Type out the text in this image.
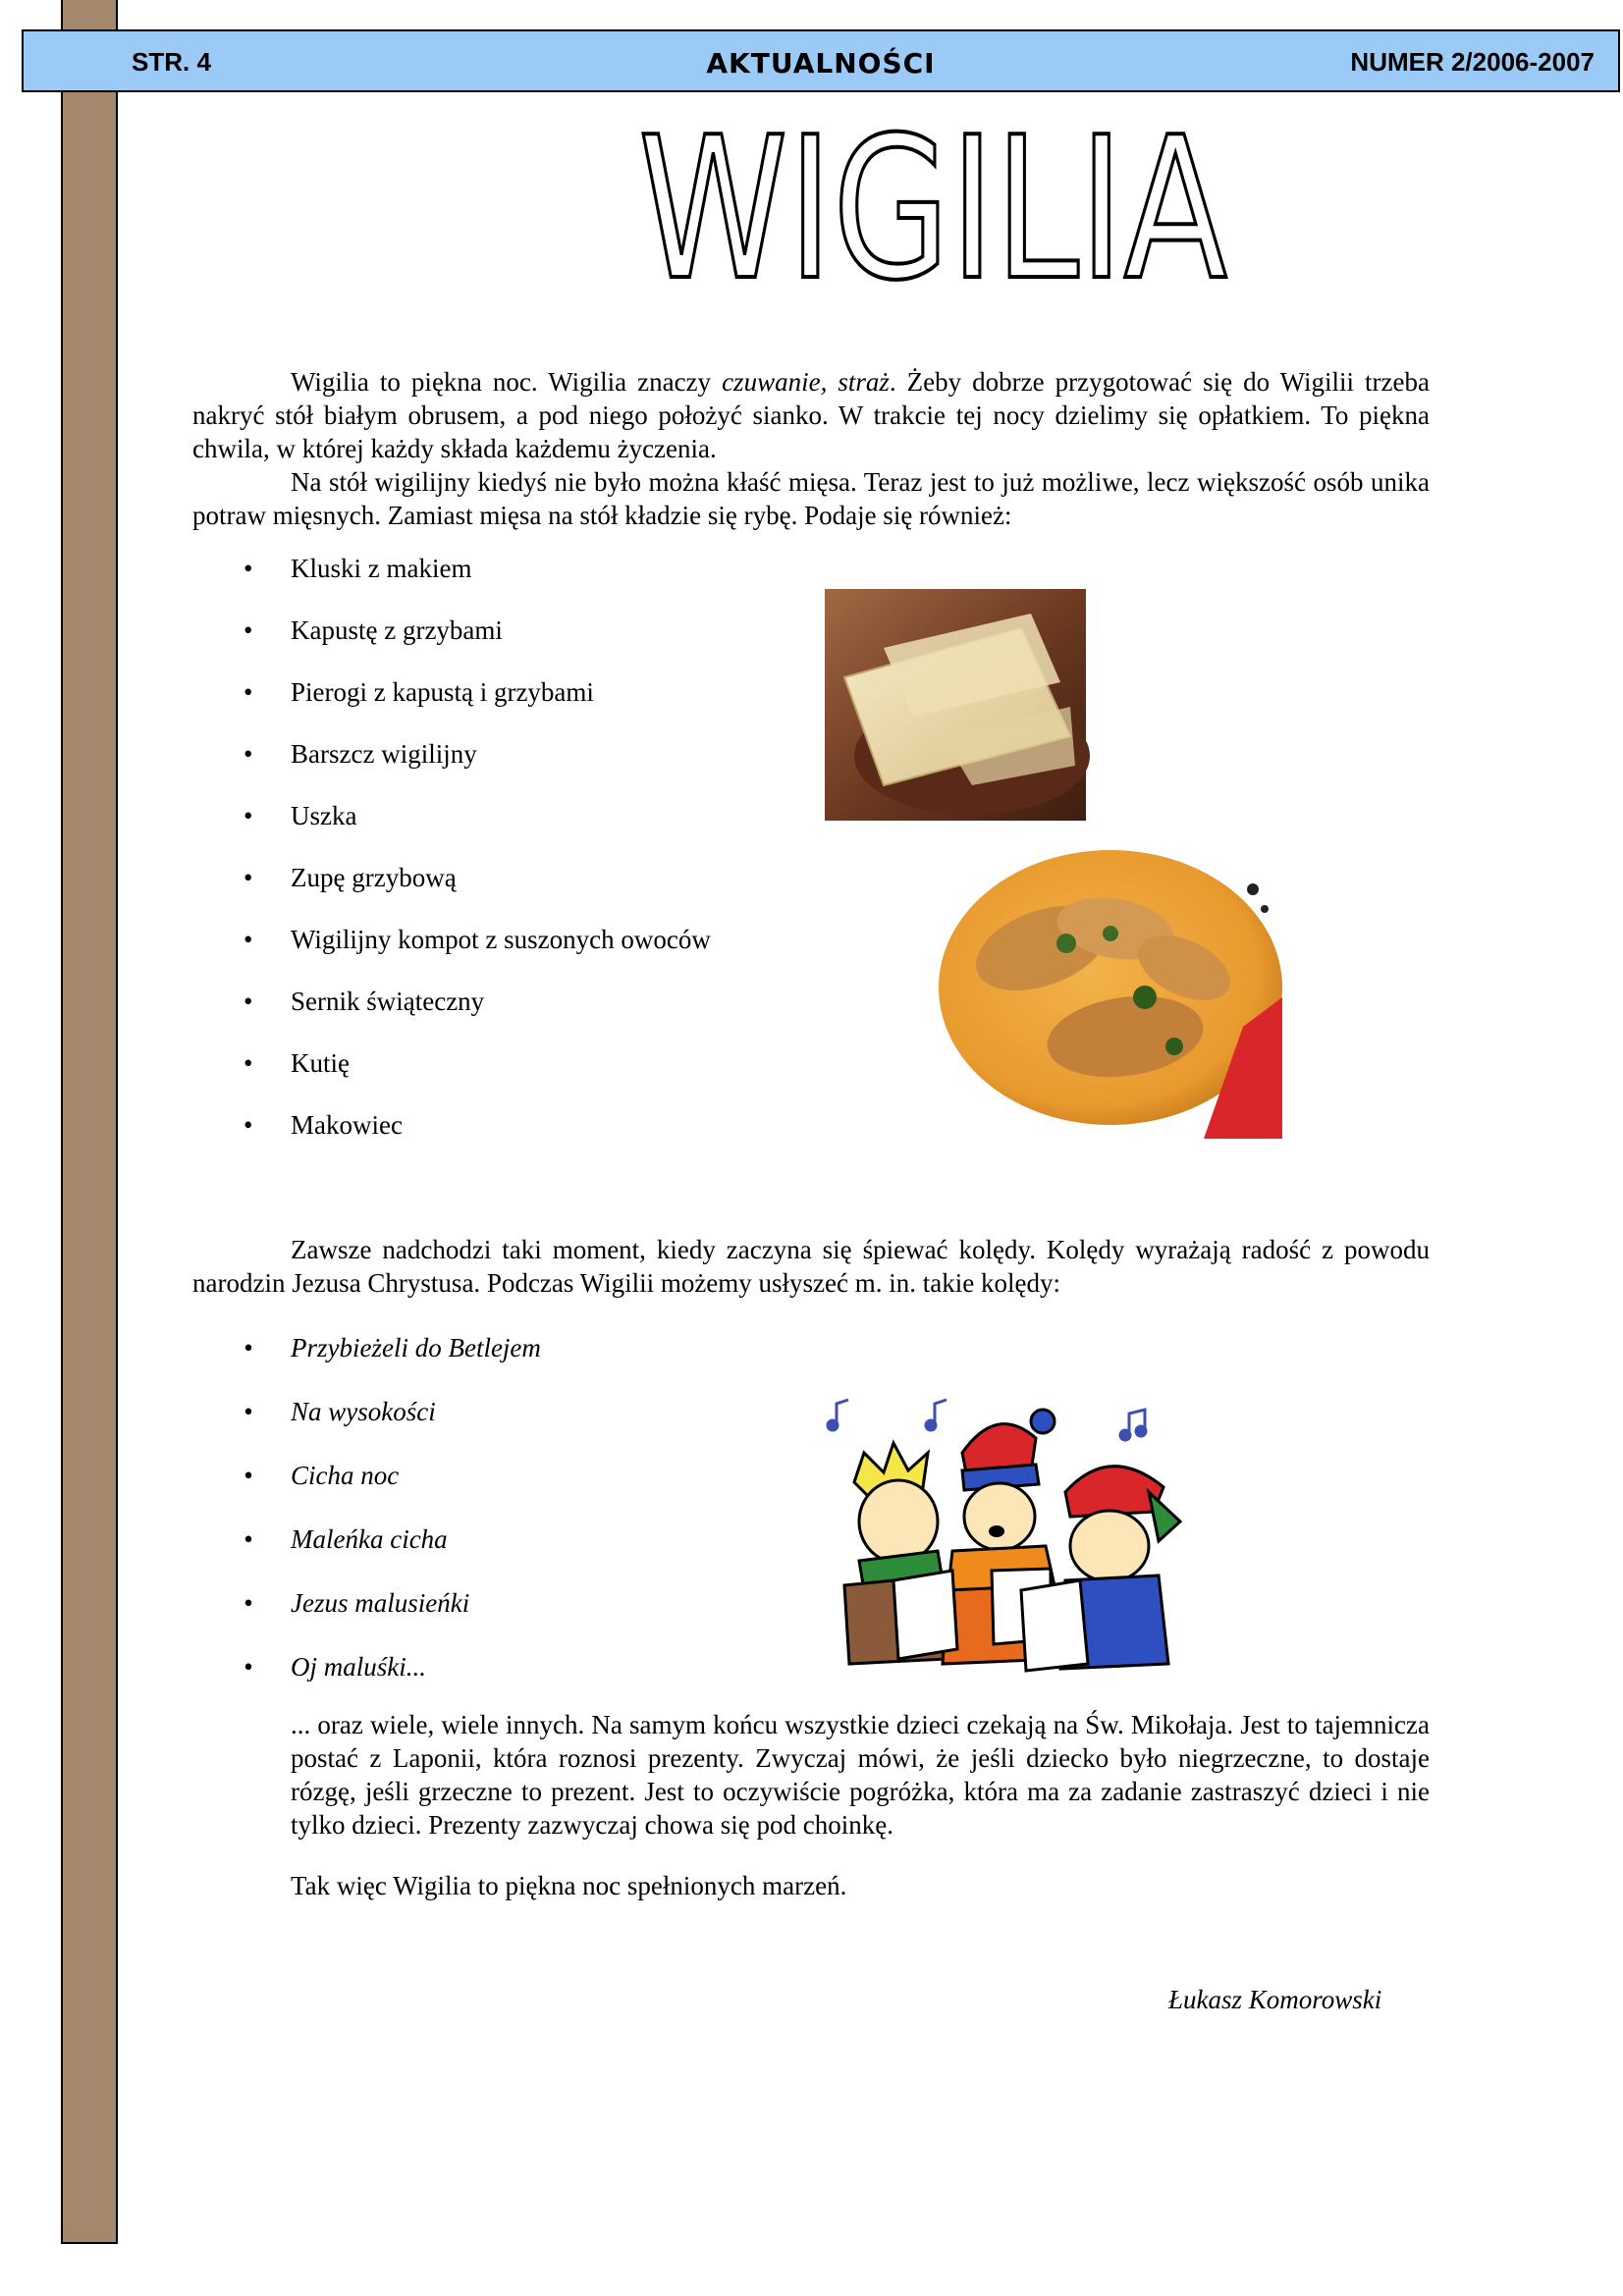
STR. 4	AKTUALNOŚCI	NUMER 2/2006-2007
WIGILIA

Wigilia to piękna noc. Wigilia znaczy czuwanie, straż. Żeby dobrze przygotować się do Wigilii trzeba nakryć stół białym obrusem, a pod niego położyć sianko. W trakcie tej nocy dzielimy się opłatkiem. To piękna chwila, w której każdy składa każdemu życzenia.

Na stół wigilijny kiedyś nie było można kłaść mięsa. Teraz jest to już możliwe, lecz większość osób unika potraw mięsnych. Zamiast mięsa na stół kładzie się rybę. Podaje się również:

• Kluski z makiem
• Kapustę z grzybami
• Pierogi z kapustą i grzybami
• Barszcz wigilijny
• Uszka
• Zupę grzybową
• Wigilijny kompot z suszonych owoców
• Sernik świąteczny
• Kutię
• Makowiec

Zawsze nadchodzi taki moment, kiedy zaczyna się śpiewać kolędy. Kolędy wyrażają radość z powodu narodzin Jezusa Chrystusa. Podczas Wigilii możemy usłyszeć m. in. takie kolędy:

• Przybieżeli do Betlejem
• Na wysokości
• Cicha noc
• Maleńka cicha
• Jezus malusieńki
• Oj maluśki...

... oraz wiele, wiele innych. Na samym końcu wszystkie dzieci czekają na Św. Mikołaja. Jest to tajemnicza postać z Laponii, która roznosi prezenty. Zwyczaj mówi, że jeśli dziecko było niegrzeczne, to dostaje rózgę, jeśli grzeczne to prezent. Jest to oczywiście pogróżka, która ma za zadanie zastraszyć dzieci i nie tylko dzieci. Prezenty zazwyczaj chowa się pod choinkę.

Tak więc Wigilia to piękna noc spełnionych marzeń.

Łukasz Komorowski
